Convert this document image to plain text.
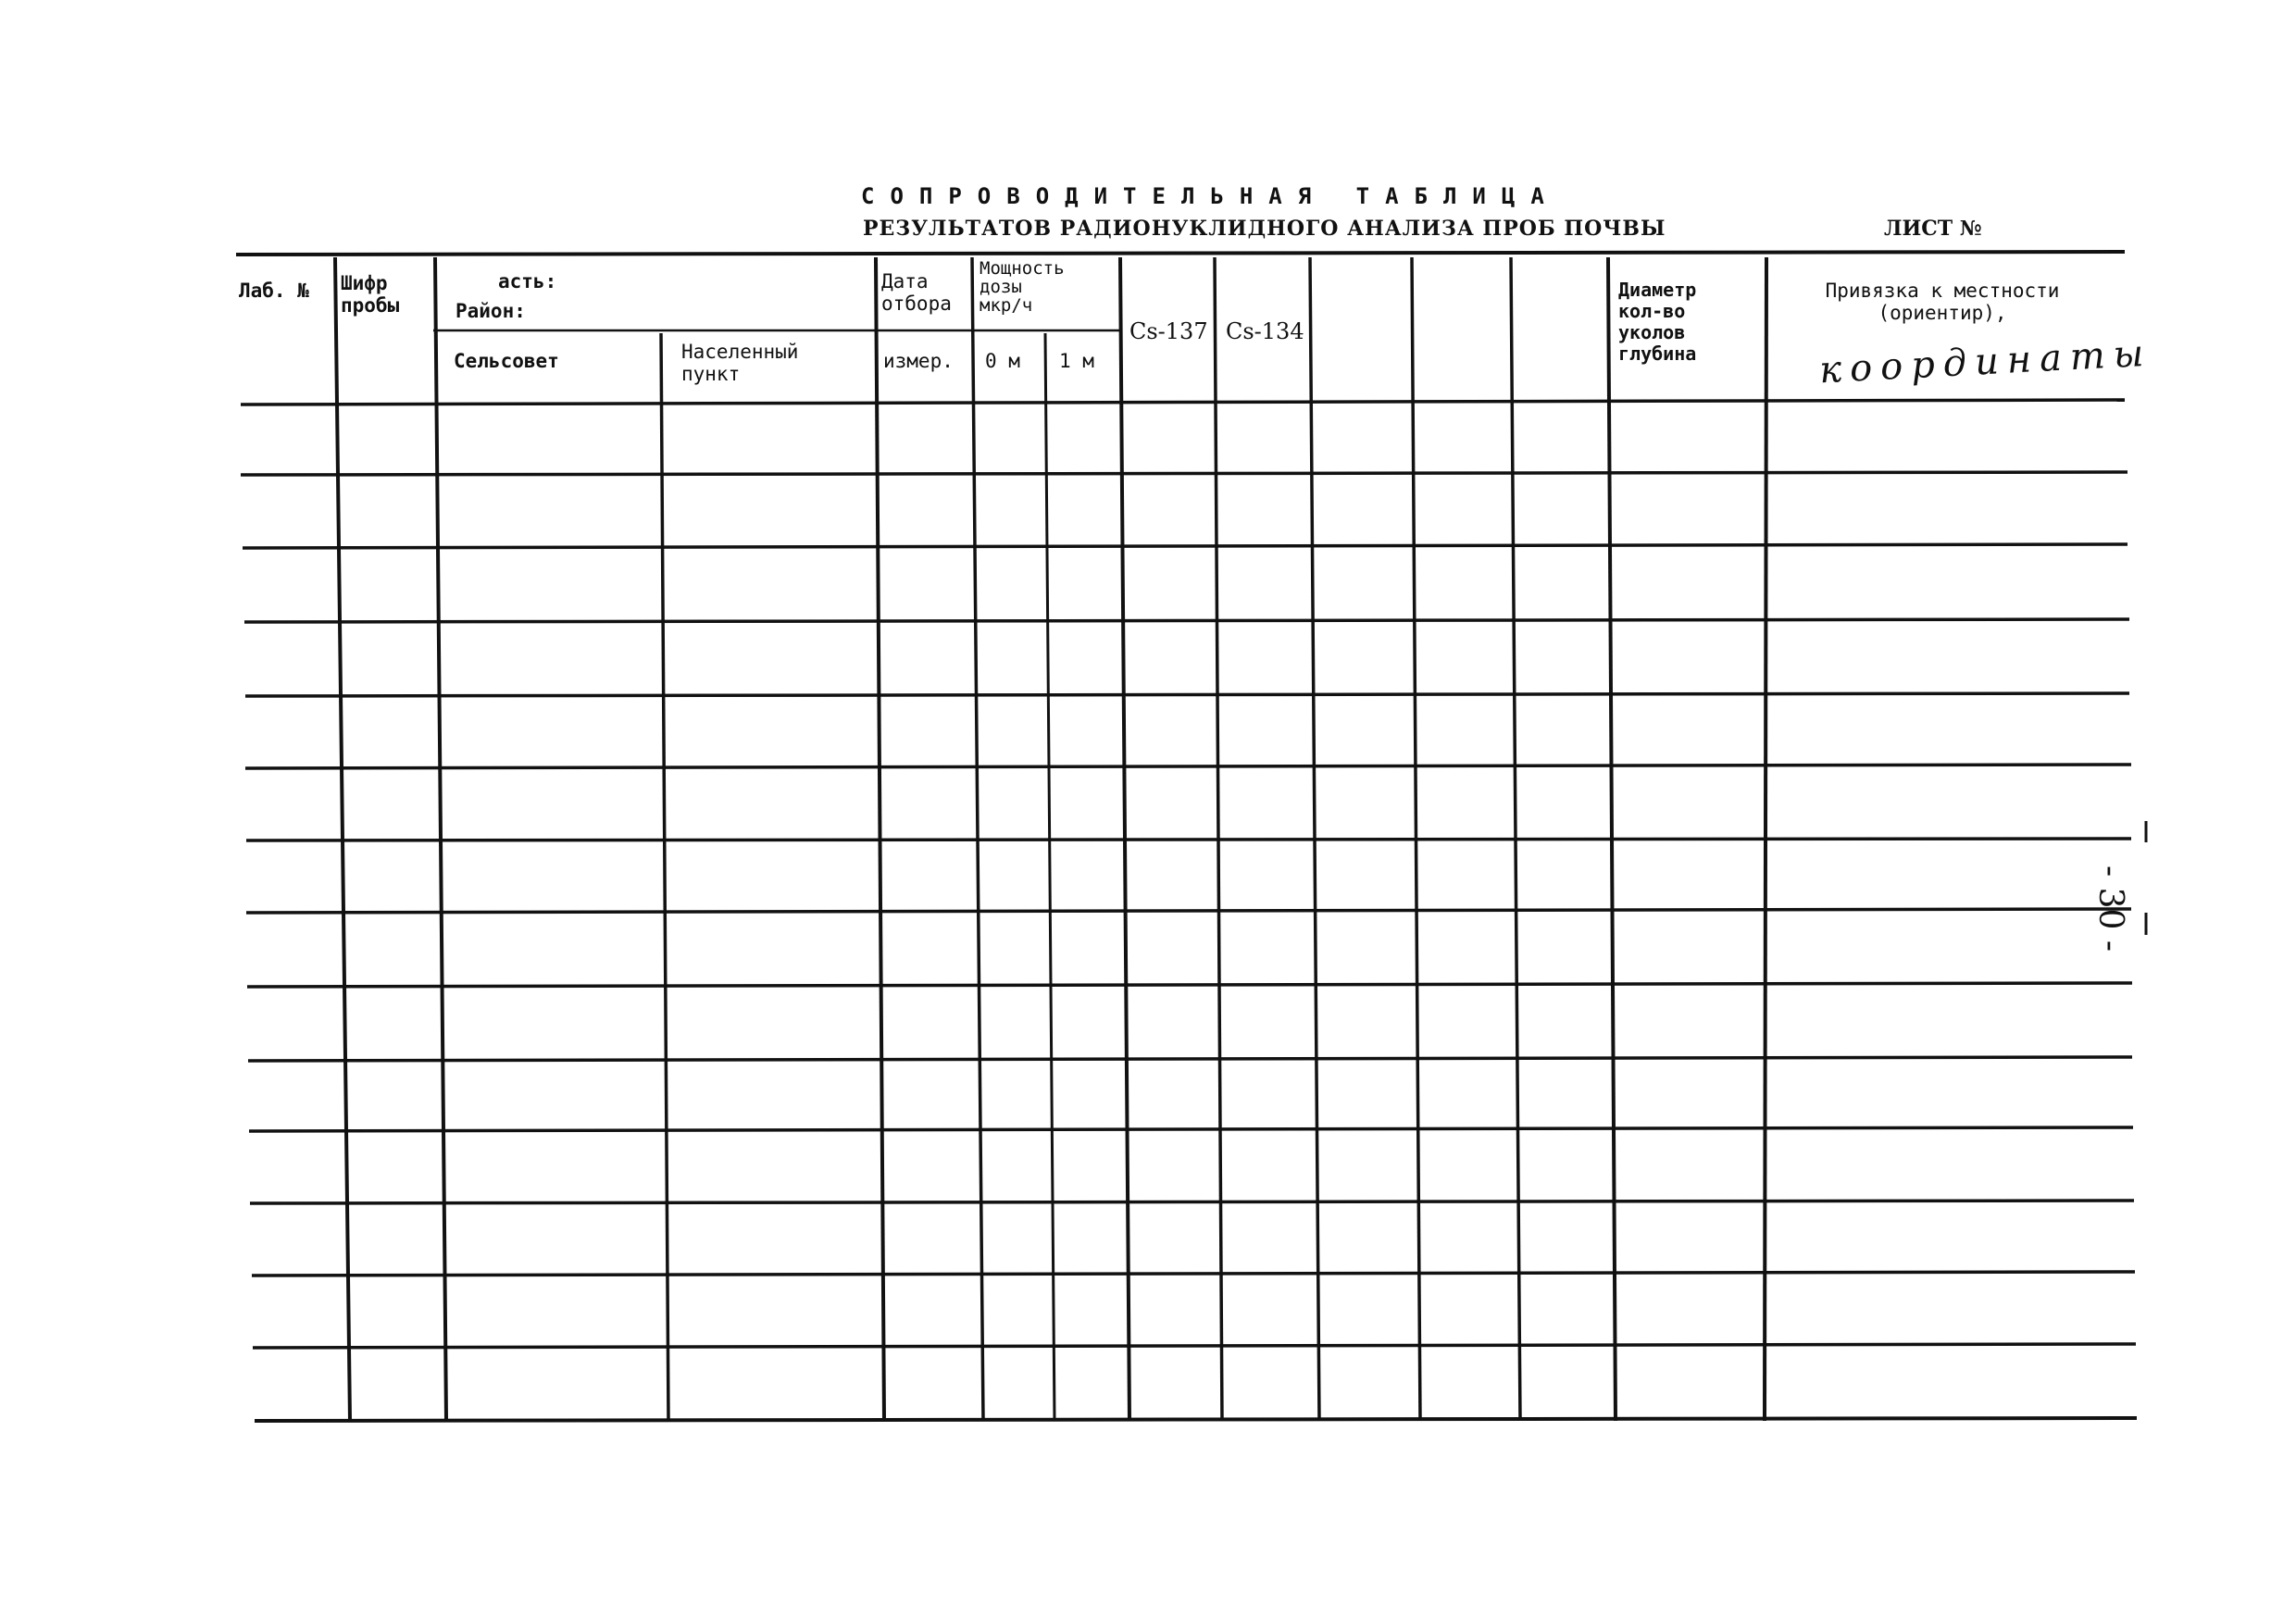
СОПРОВОДИТЕЛЬНАЯ ТАБЛИЦА
РЕЗУЛЬТАТОВ РАДИОНУКЛИДНОГО АНАЛИЗА ПРОБ ПОЧВЫ	ЛИСТ №
- 30 -
Лаб. № Шифр
пробы
асть:
Район:
Сельсовет	Населенный
пункт
Дата
отбора
измер.
Мощность
дозы
мкр/ч
0 м 1 м
Cs-137 Cs-134
Диаметр
кол-во
уколов
глубина
Привязка к местности
(ориентир),
координаты
